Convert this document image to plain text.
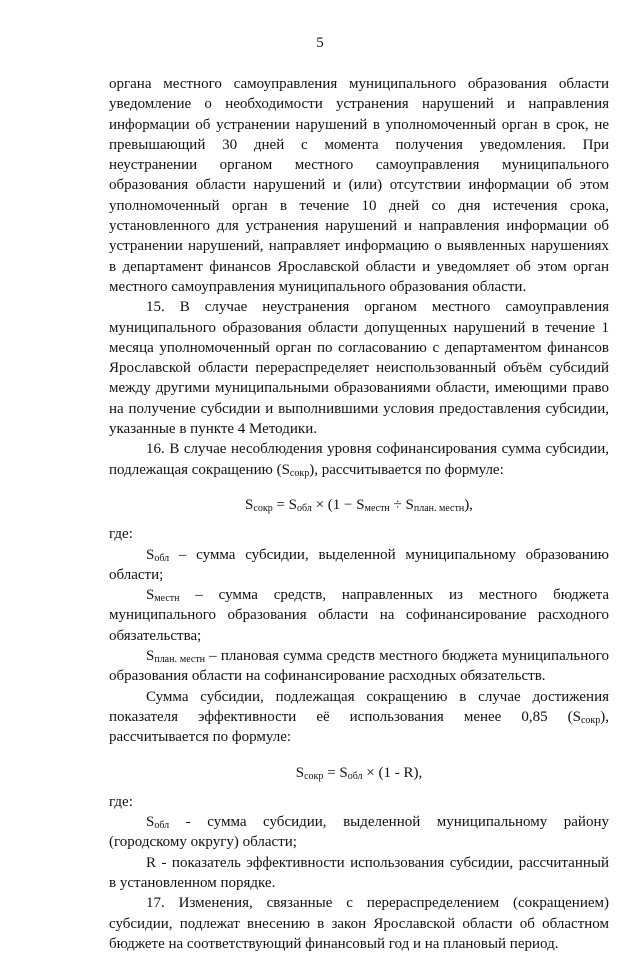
5

органа местного самоуправления муниципального образования области уведомление о необходимости устранения нарушений и направления информации об устранении нарушений в уполномоченный орган в срок, не превышающий 30 дней с момента получения уведомления. При неустранении органом местного самоуправления муниципального образования области нарушений и (или) отсутствии информации об этом уполномоченный орган в течение 10 дней со дня истечения срока, установленного для устранения нарушений и направления информации об устранении нарушений, направляет информацию о выявленных нарушениях в департамент финансов Ярославской области и уведомляет об этом орган местного самоуправления муниципального образования области.

15. В случае неустранения органом местного самоуправления муниципального образования области допущенных нарушений в течение 1 месяца уполномоченный орган по согласованию с департаментом финансов Ярославской области перераспределяет неиспользованный объём субсидий между другими муниципальными образованиями области, имеющими право на получение субсидии и выполнившими условия предоставления субсидии, указанные в пункте 4 Методики.

16. В случае несоблюдения уровня софинансирования сумма субсидии, подлежащая сокращению $(S_{сокр})$, рассчитывается по формуле:

$S_{сокр} = S_{обл} \times (1 - S_{местн} \div S_{план. местн})$,

где:

$S_{обл}$ – сумма субсидии, выделенной муниципальному образованию области;

$S_{местн}$ – сумма средств, направленных из местного бюджета муниципального образования области на софинансирование расходного обязательства;

$S_{план. местн}$ – плановая сумма средств местного бюджета муниципального образования области на софинансирование расходных обязательств.

Сумма субсидии, подлежащая сокращению в случае достижения показателя эффективности её использования менее 0,85 $(S_{сокр})$, рассчитывается по формуле:

$S_{сокр} = S_{обл} \times (1 - R)$,

где:

$S_{обл}$ - сумма субсидии, выделенной муниципальному району (городскому округу) области;

R - показатель эффективности использования субсидии, рассчитанный в установленном порядке.

17. Изменения, связанные с перераспределением (сокращением) субсидии, подлежат внесению в закон Ярославской области об областном бюджете на соответствующий финансовый год и на плановый период.
